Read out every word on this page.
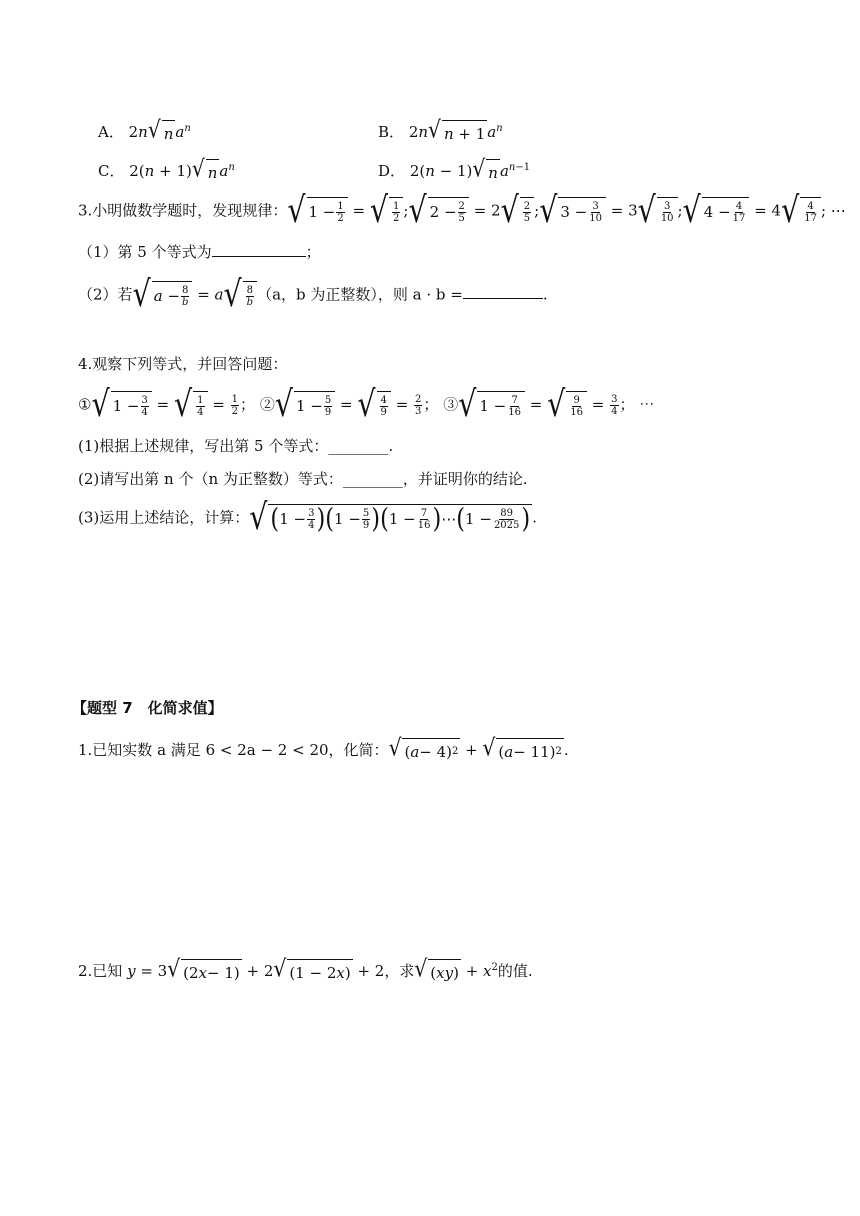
A． 2n √ n $a^n$	B． 2n √ n + 1 $a^n$
C． 2(n + 1) √ n $a^n$	D． 2(n − 1) √ n $a^{n-1}$
3.小明做数学题时，发现规律： √ $1 - \frac{1}{2}$ = √ $\frac{1}{2}$ ; √ $2 - \frac{2}{5} = 2$ √ $\frac{2}{5}$ ; √ $3 - \frac{3}{10} = 3$ √ $\frac{3}{10}$ ; √ $4 - \frac{4}{17} = 4$ √ $\frac{4}{17}$ ; ⋯
（1）第 5 个等式为	；
（2）若 √ $a - \frac{8}{b} = a$ √ $\frac{8}{b} (a$，b 为正整数），则 a · b =	.
4.观察下列等式，并回答问题：
① √ $1 - \frac{3}{4}$ = √ $\frac{1}{4} = \frac{1}{2}$ ； ② √ $1 - \frac{5}{9}$ = √ $\frac{4}{9} = \frac{2}{3}$ ； ③ √ $1 - \frac{7}{16}$ = √ $\frac{9}{16} = \frac{3}{4}$ ； ⋯
(1)根据上述规律，写出第 5 个等式：________.
(2)请写出第 n 个（n 为正整数）等式：________，并证明你的结论.
(3)运用上述结论，计算： √ ( $1 - \frac{3}{4}$ ) ( $1 - \frac{5}{9}$ ) ( $1 - \frac{7}{16}$ ) ⋯ ( $1 - \frac{89}{2025}$ ) .
【题型 7　化简求值】
1.已知实数 a 满足 6 < 2a − 2 < 20，化简： √ ( a − 4) 2 + √ ( a − 11) 2 .
2.已知 y = 3 √ (2 x − 1) + 2 √ (1 − 2 x ) + 2，求 √ ( xy ) + $x^2$的值.
